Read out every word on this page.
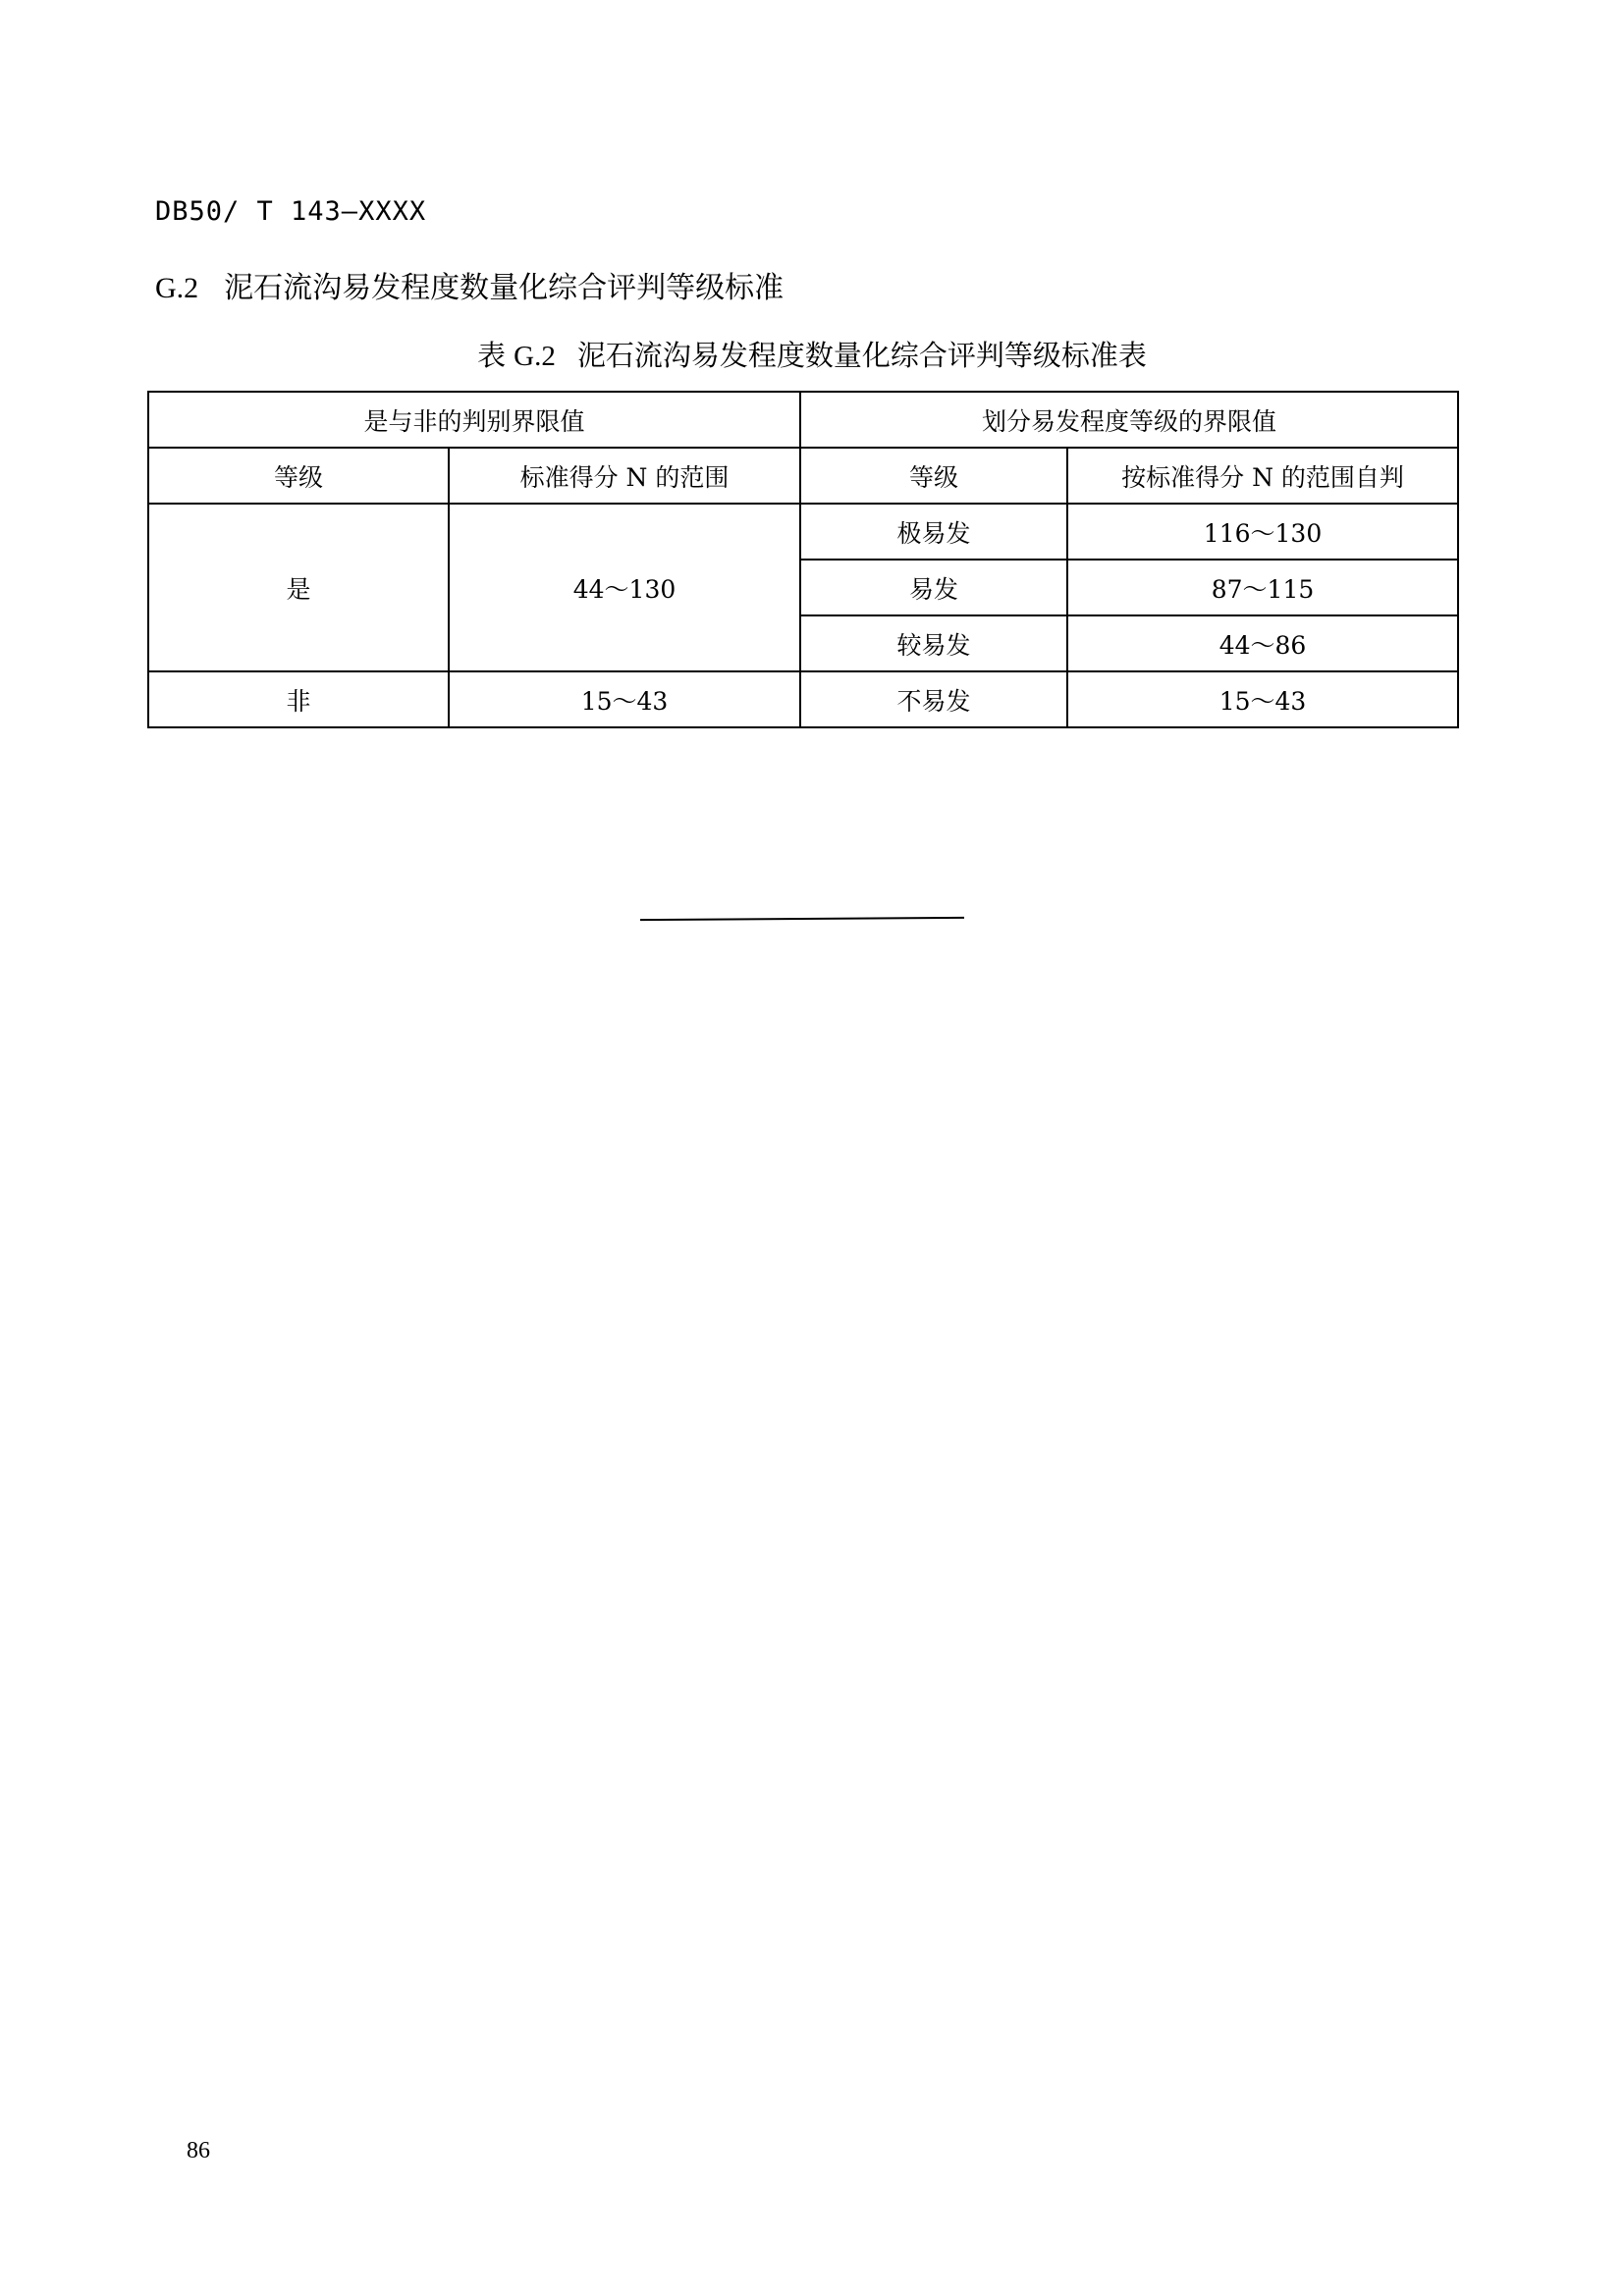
DB50/ T 143—XXXX
G.2 泥石流沟易发程度数量化综合评判等级标准
表 G.2 泥石流沟易发程度数量化综合评判等级标准表
是与非的判别界限值		划分易发程度等级的界限值	
等级	标准得分 N 的范围	等级	按标准得分 N 的范围自判
是	44～130	极易发	116～130
		易发	87～115
		较易发	44～86
非	15～43	不易发	15～43
86
